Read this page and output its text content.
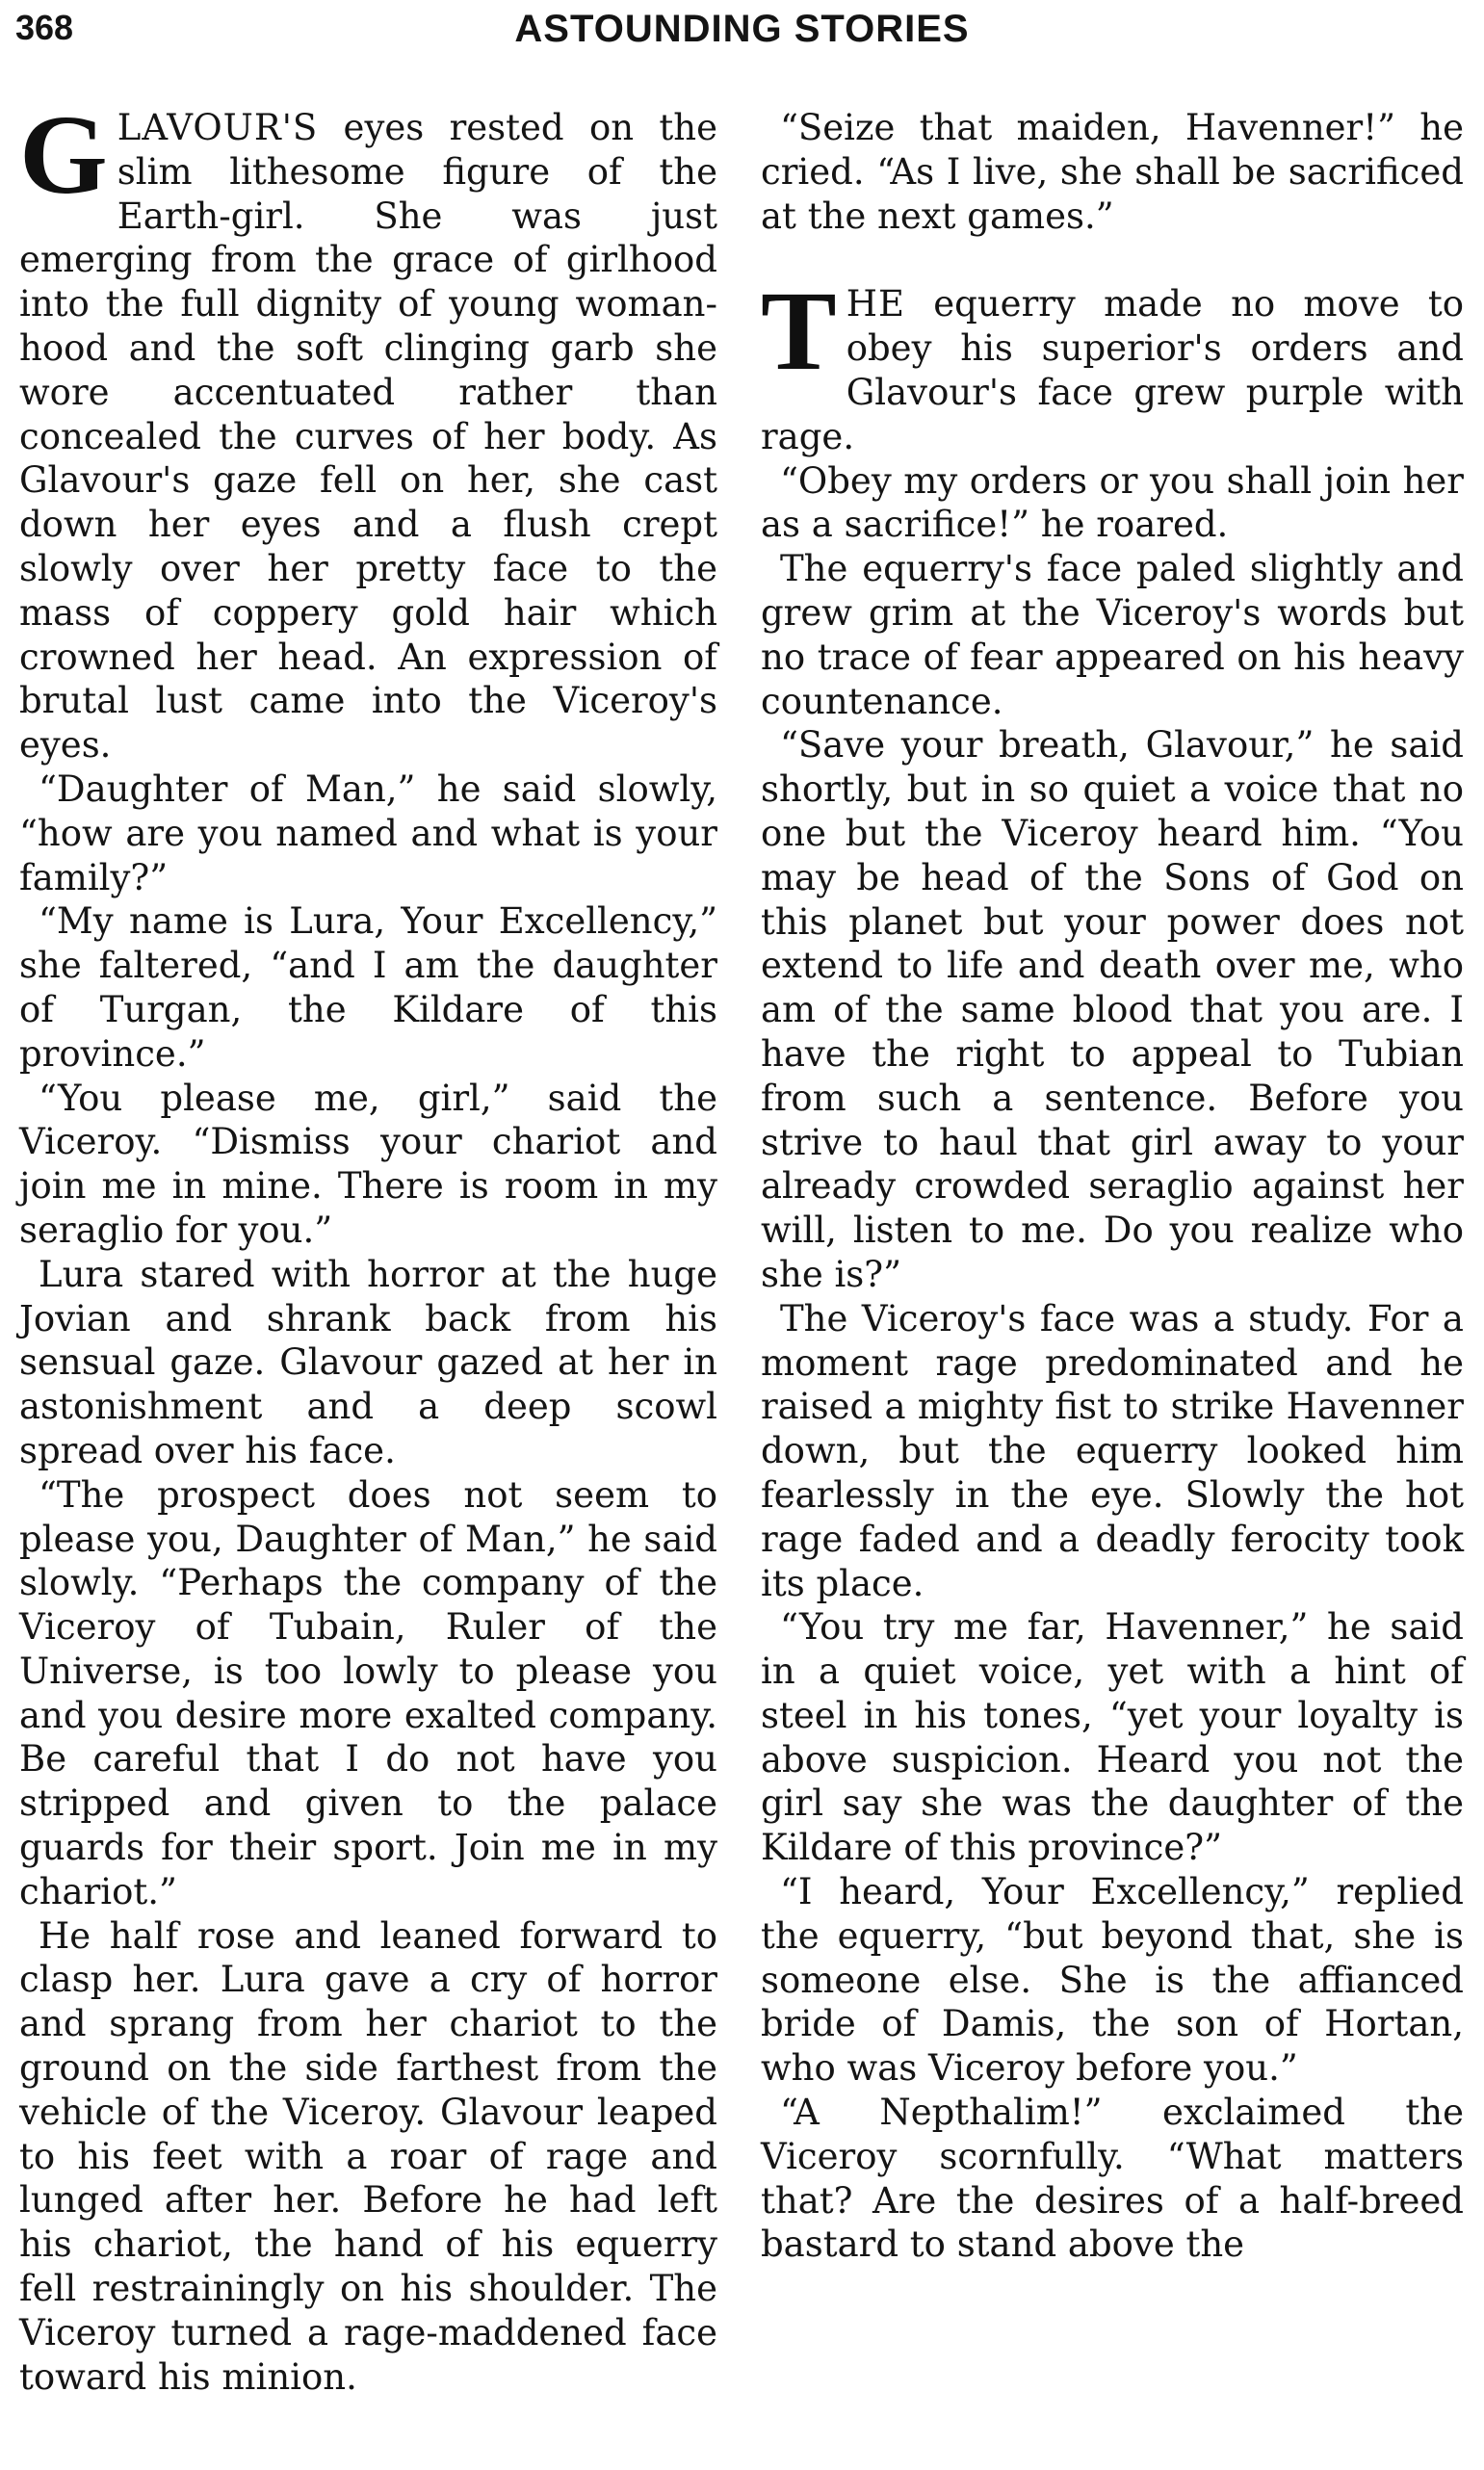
368	ASTOUNDING STORIES

GLAVOUR'S eyes rested on the slim lithesome figure of the Earth-girl. She was just emerging from the grace of girlhood into the full dignity of young womanhood and the soft clinging garb she wore accentuated rather than concealed the curves of her body. As Glavour's gaze fell on her, she cast down her eyes and a flush crept slowly over her pretty face to the mass of coppery gold hair which crowned her head. An expression of brutal lust came into the Viceroy's eyes.

“Daughter of Man,” he said slowly, “how are you named and what is your family?”

“My name is Lura, Your Excellency,” she faltered, “and I am the daughter of Turgan, the Kildare of this province.”

“You please me, girl,” said the Viceroy. “Dismiss your chariot and join me in mine. There is room in my seraglio for you.”

Lura stared with horror at the huge Jovian and shrank back from his sensual gaze. Glavour gazed at her in astonishment and a deep scowl spread over his face.

“The prospect does not seem to please you, Daughter of Man,” he said slowly. “Perhaps the company of the Viceroy of Tubain, Ruler of the Universe, is too lowly to please you and you desire more exalted company. Be careful that I do not have you stripped and given to the palace guards for their sport. Join me in my chariot.”

He half rose and leaned forward to clasp her. Lura gave a cry of horror and sprang from her chariot to the ground on the side farthest from the vehicle of the Viceroy. Glavour leaped to his feet with a roar of rage and lunged after her. Before he had left his chariot, the hand of his equerry fell restrainingly on his shoulder. The Viceroy turned a rage-maddened face toward his minion.

“Seize that maiden, Havenner!” he cried. “As I live, she shall be sacrificed at the next games.”

THE equerry made no move to obey his superior's orders and Glavour's face grew purple with rage.

“Obey my orders or you shall join her as a sacrifice!” he roared.

The equerry's face paled slightly and grew grim at the Viceroy's words but no trace of fear appeared on his heavy countenance.

“Save your breath, Glavour,” he said shortly, but in so quiet a voice that no one but the Viceroy heard him. “You may be head of the Sons of God on this planet but your power does not extend to life and death over me, who am of the same blood that you are. I have the right to appeal to Tubian from such a sentence. Before you strive to haul that girl away to your already crowded seraglio against her will, listen to me. Do you realize who she is?”

The Viceroy's face was a study. For a moment rage predominated and he raised a mighty fist to strike Havenner down, but the equerry looked him fearlessly in the eye. Slowly the hot rage faded and a deadly ferocity took its place.

“You try me far, Havenner,” he said in a quiet voice, yet with a hint of steel in his tones, “yet your loyalty is above suspicion. Heard you not the girl say she was the daughter of the Kildare of this province?”

“I heard, Your Excellency,” replied the equerry, “but beyond that, she is someone else. She is the affianced bride of Damis, the son of Hortan, who was Viceroy before you.”

“A Nepthalim!” exclaimed the Viceroy scornfully. “What matters that? Are the desires of a half-breed bastard to stand above the
